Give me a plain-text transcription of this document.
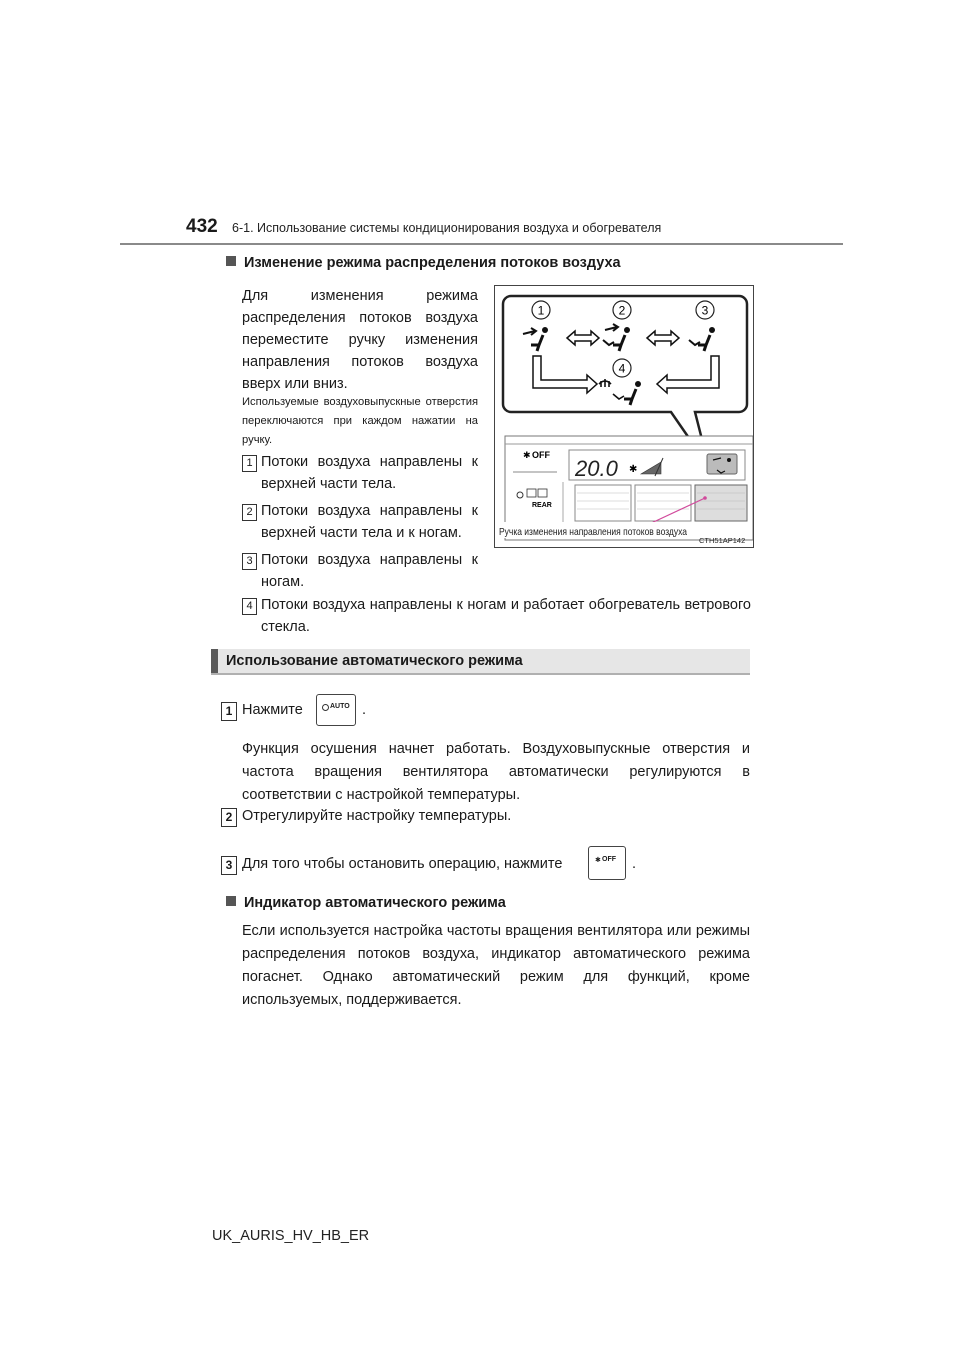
432 6-1. Использование системы кондиционирования воздуха и обогревателя
Изменение режима распределения потоков воздуха
Для изменения режима распределения потоков воздуха переместите ручку изменения направления потоков воздуха вверх или вниз.
Используемые воздуховыпускные отверстия переключаются при каждом нажатии на ручку.
1 Потоки воздуха направлены к верхней части тела.
2 Потоки воздуха направлены к верхней части тела и к ногам.
3 Потоки воздуха направлены к ногам.
4 Потоки воздуха направлены к ногам и работает обогреватель ветрового стекла.
1	2	3
4
✱ OFF
REAR
20.0 ✱
Ручка изменения направления потоков воздуха
CTH51AP142
Использование автоматического режима
1 Нажмите	AUTO .
Функция осушения начнет работать. Воздуховыпускные отверстия и частота вращения вентилятора автоматически регулируются в соответствии с настройкой температуры.
2 Отрегулируйте настройку температуры.
3 Для того чтобы остановить операцию, нажмите	✱ OFF .
Индикатор автоматического режима
Если используется настройка частоты вращения вентилятора или режимы распределения потоков воздуха, индикатор автоматического режима погаснет. Однако автоматический режим для функций, кроме используемых, поддерживается.
UK_AURIS_HV_HB_ER
